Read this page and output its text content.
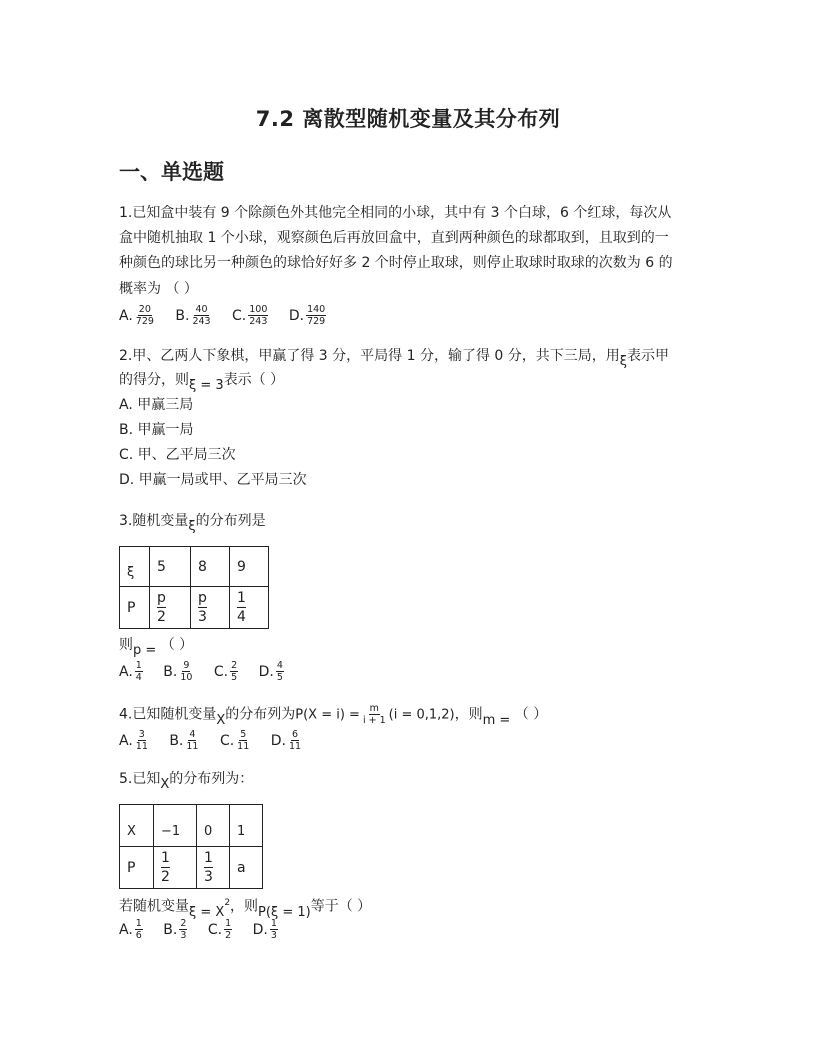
7.2 离散型随机变量及其分布列
一、单选题
1.已知盒中装有 9 个除颜色外其他完全相同的小球，其中有 3 个白球，6 个红球，每次从
盒中随机抽取 1 个小球，观察颜色后再放回盒中，直到两种颜色的球都取到，且取到的一
种颜色的球比另一种颜色的球恰好好多 2 个时停止取球，则停止取球时取球的次数为 6 的
概率为 （ ）
A. $\frac{20}{729} B$. $\frac{40}{243} C$. $\frac{100}{243} D$. $\frac{140}{729}$
2.甲、乙两人下象棋，甲赢了得 3 分，平局得 1 分，输了得 0 分，共下三局，用ξ表示甲
的得分，则ξ = 3表示（ ）
A. 甲赢三局
B. 甲赢一局
C. 甲、乙平局三次
D. 甲赢一局或甲、乙平局三次
3.随机变量ξ的分布列是
ξ	5	8	9
P	$\frac{p}{2}$	$\frac{p}{3}$	$\frac{1}{4}$
则p = （ ）
A. $\frac{1}{4} B$. $\frac{9}{10} C$. $\frac{2}{5} D$. $\frac{4}{5}$
4.已知随机变量X的分布列为$P(X = i) = \frac{m}{i + 1} (i = 0,1,2)$，则m = （ ）
A. $\frac{3}{11} B$. $\frac{4}{11} C$. $\frac{5}{11} D$. $\frac{6}{11}$
5.已知X的分布列为：
X	−1	0	1
P	$\frac{1}{2}$	$\frac{1}{3}$	a
若随机变量$\xi = X^2$，则P(ξ = 1)等于（ ）
A. $\frac{1}{6} B$. $\frac{2}{3} C$. $\frac{1}{2} D$. $\frac{1}{3}$
